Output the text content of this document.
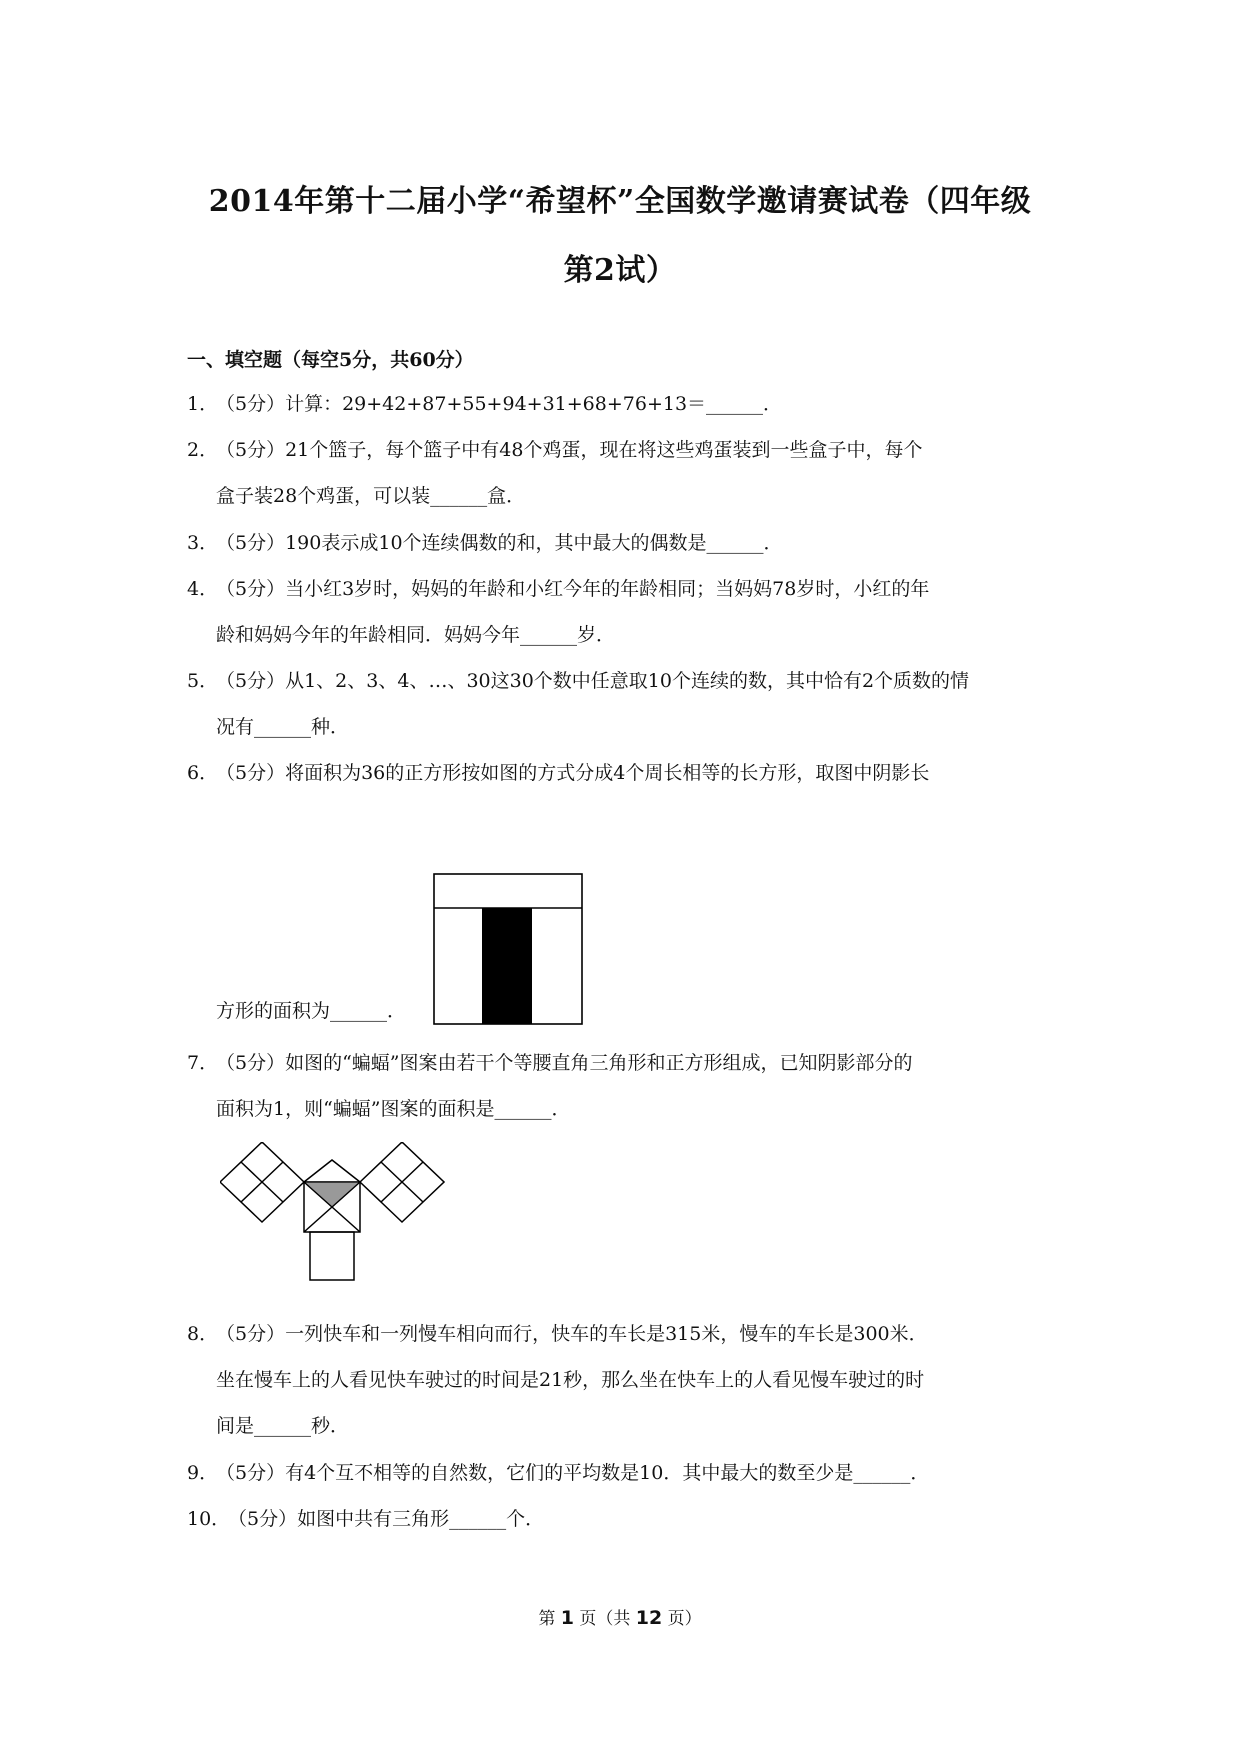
2014年第十二届小学“希望杯”全国数学邀请赛试卷（四年级
第2试）
一、填空题（每空5分，共60分）
1．
（5分）计算：29+42+87+55+94+31+68+76+13＝______．
2．
（5分）21个篮子，每个篮子中有48个鸡蛋，现在将这些鸡蛋装到一些盒子中，每个
盒子装28个鸡蛋，可以装______盒．
3．
（5分）190表示成10个连续偶数的和，其中最大的偶数是______．
4．
（5分）当小红3岁时，妈妈的年龄和小红今年的年龄相同；当妈妈78岁时，小红的年
龄和妈妈今年的年龄相同．妈妈今年______岁．
5．
（5分）从1、2、3、4、…、30这30个数中任意取10个连续的数，其中恰有2个质数的情
况有______种．
6．
（5分）将面积为36的正方形按如图的方式分成4个周长相等的长方形，取图中阴影长
方形的面积为______．
7．
（5分）如图的“蝙蝠”图案由若干个等腰直角三角形和正方形组成，已知阴影部分的
面积为1，则“蝙蝠”图案的面积是______．
8．
（5分）一列快车和一列慢车相向而行，快车的车长是315米，慢车的车长是300米．
坐在慢车上的人看见快车驶过的时间是21秒，那么坐在快车上的人看见慢车驶过的时
间是______秒．
9．
（5分）有4个互不相等的自然数，它们的平均数是10．其中最大的数至少是______．
10．
（5分）如图中共有三角形______个．
第 1 页（共 12 页）
